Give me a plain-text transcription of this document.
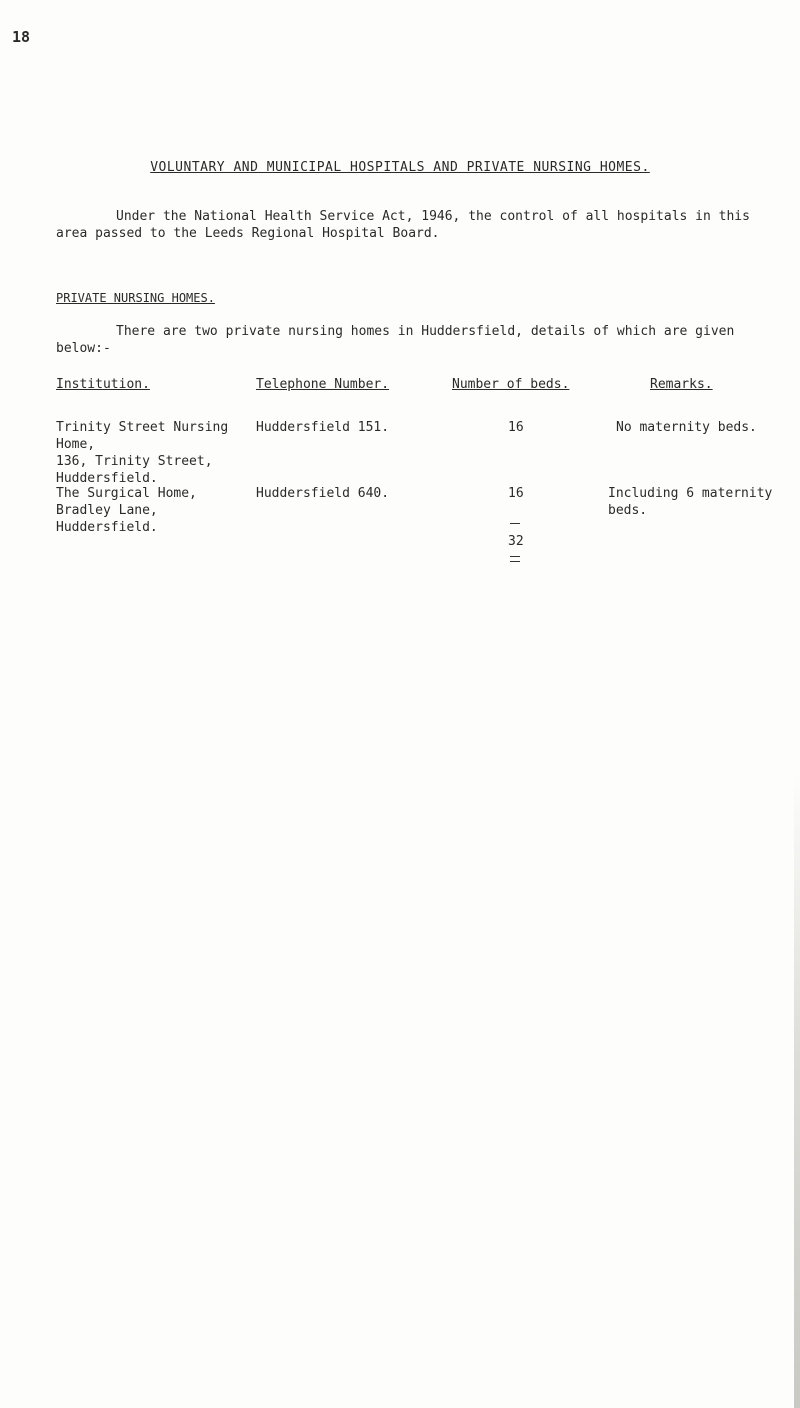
18
VOLUNTARY AND MUNICIPAL HOSPITALS AND PRIVATE NURSING HOMES.
Under the National Health Service Act, 1946, the control of all hospitals in this area passed to the Leeds Regional Hospital Board.
PRIVATE NURSING HOMES.
There are two private nursing homes in Huddersfield, details of which are given below:-
Institution.	Telephone Number.	Number of beds.	Remarks.
Trinity Street Nursing
Home,
136, Trinity Street,
Huddersfield.
Huddersfield 151.	16	No maternity beds.
The Surgical Home,
Bradley Lane,
Huddersfield.
Huddersfield 640.	16	Including 6 maternity
beds.
32
